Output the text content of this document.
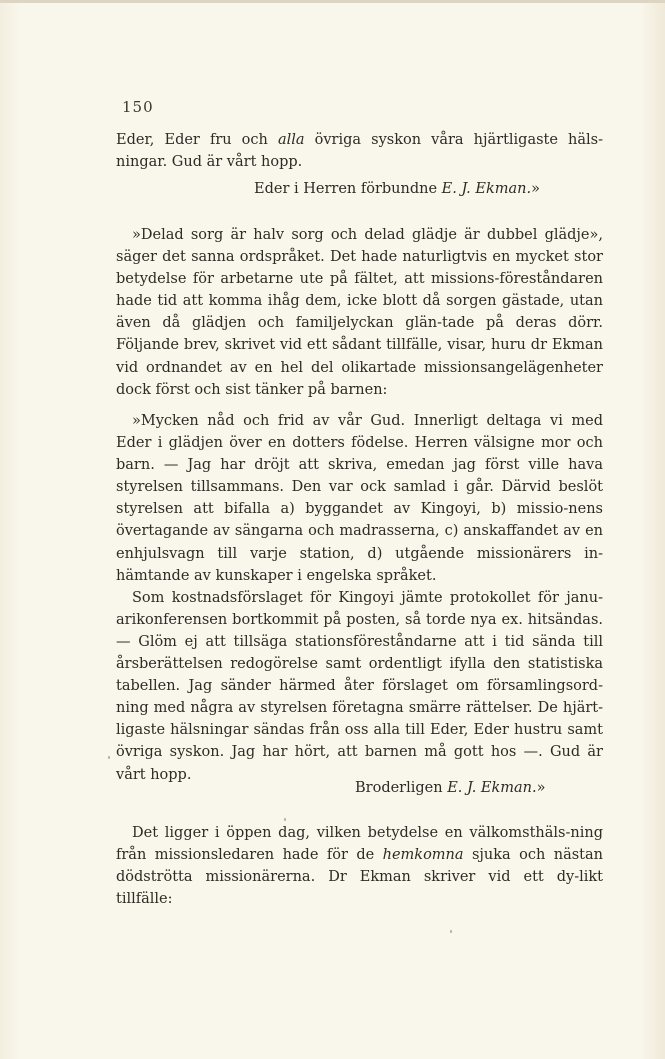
150

Eder, Eder fru och alla övriga syskon våra hjärtligaste häls-ningar. Gud är vårt hopp.

Eder i Herren förbundne E. J. Ekman.»

»Delad sorg är halv sorg och delad glädje är dubbel glädje», säger det sanna ordspråket. Det hade naturligtvis en mycket stor betydelse för arbetarne ute på fältet, att missions-föreståndaren hade tid att komma ihåg dem, icke blott då sorgen gästade, utan även då glädjen och familjelyckan glän-tade på deras dörr. Följande brev, skrivet vid ett sådant tillfälle, visar, huru dr Ekman vid ordnandet av en hel del olikartade missionsangelägenheter dock först och sist tänker på barnen:

»Mycken nåd och frid av vår Gud. Innerligt deltaga vi med Eder i glädjen över en dotters födelse. Herren välsigne mor och barn. — Jag har dröjt att skriva, emedan jag först ville hava styrelsen tillsammans. Den var ock samlad i går. Därvid beslöt styrelsen att bifalla a) byggandet av Kingoyi, b) missio-nens övertagande av sängarna och madrasserna, c) anskaffandet av en enhjulsvagn till varje station, d) utgående missionärers in-hämtande av kunskaper i engelska språket.

Som kostnadsförslaget för Kingoyi jämte protokollet för janu-arikonferensen bortkommit på posten, så torde nya ex. hitsändas. — Glöm ej att tillsäga stationsföreståndarne att i tid sända till årsberättelsen redogörelse samt ordentligt ifylla den statistiska tabellen. Jag sänder härmed åter förslaget om församlingsord-ning med några av styrelsen företagna smärre rättelser. De hjärt-ligaste hälsningar sändas från oss alla till Eder, Eder hustru samt övriga syskon. Jag har hört, att barnen må gott hos —. Gud är vårt hopp.

Broderligen E. J. Ekman.»

Det ligger i öppen dag, vilken betydelse en välkomsthäls-ning från missionsledaren hade för de hemkomna sjuka och nästan dödströtta missionärerna. Dr Ekman skriver vid ett dy-likt tillfälle:
